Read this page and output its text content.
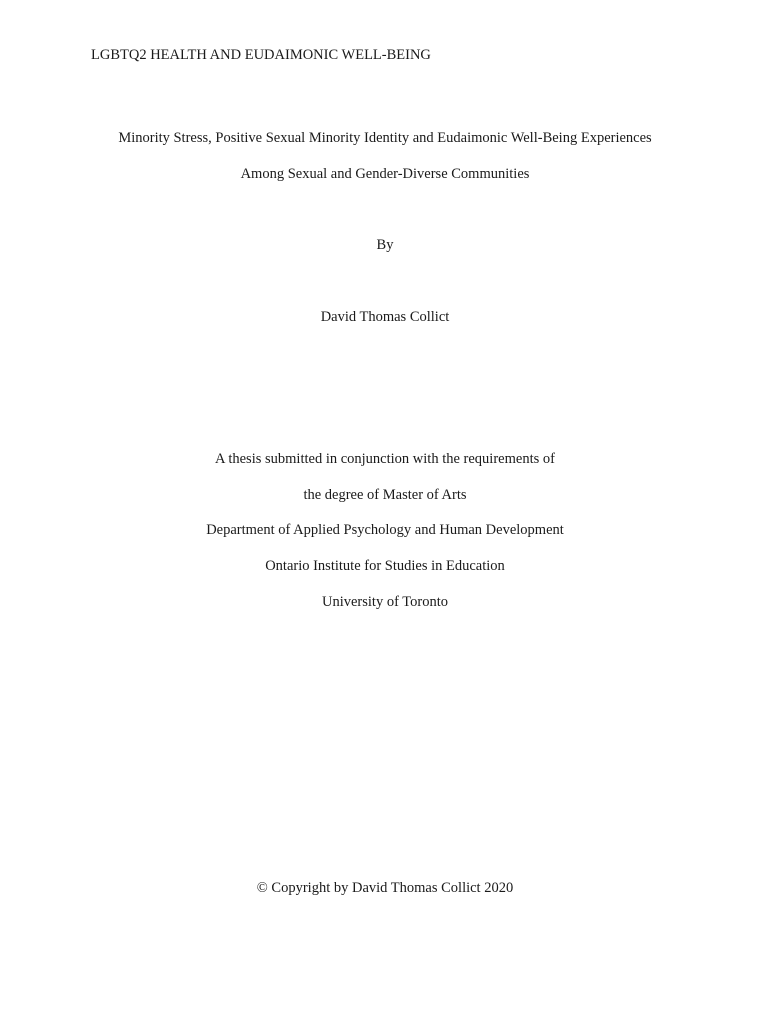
LGBTQ2 HEALTH AND EUDAIMONIC WELL-BEING
Minority Stress, Positive Sexual Minority Identity and Eudaimonic Well-Being Experiences
Among Sexual and Gender-Diverse Communities
By
David Thomas Collict
A thesis submitted in conjunction with the requirements of
the degree of Master of Arts
Department of Applied Psychology and Human Development
Ontario Institute for Studies in Education
University of Toronto
© Copyright by David Thomas Collict 2020
